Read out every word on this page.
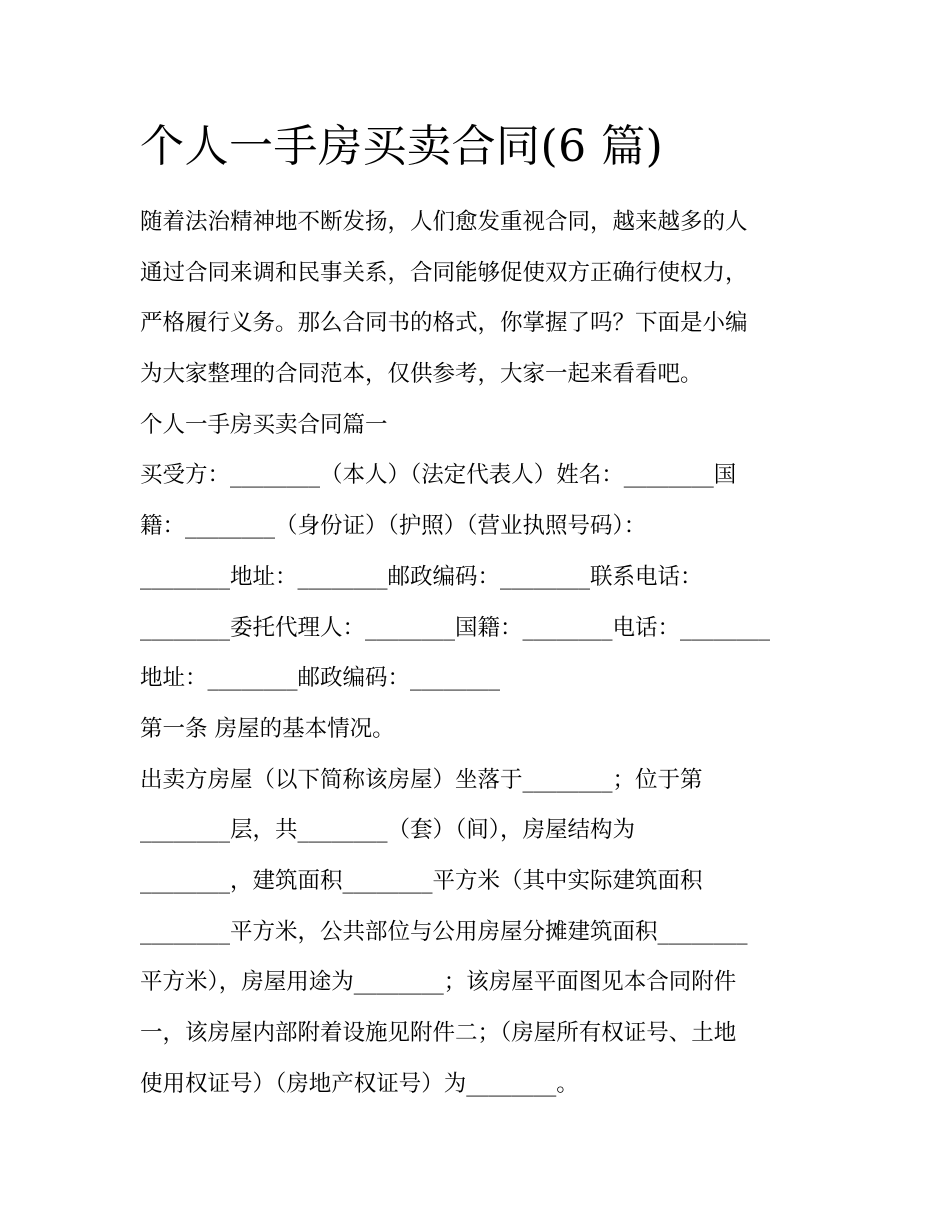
个人一手房买卖合同(6 篇)
随着法治精神地不断发扬，人们愈发重视合同，越来越多的人
通过合同来调和民事关系，合同能够促使双方正确行使权力，
严格履行义务。那么合同书的格式，你掌握了吗？下面是小编
为大家整理的合同范本，仅供参考，大家一起来看看吧。
个人一手房买卖合同篇一
买受方：________（本人）（法定代表人）姓名：________国
籍：________（身份证）（护照）（营业执照号码）：
________地址：________邮政编码：________联系电话：
________委托代理人：________国籍：________电话：________
地址：________邮政编码：________
第一条 房屋的基本情况。
出卖方房屋（以下简称该房屋）坐落于________；位于第
________层，共________（套）（间），房屋结构为
________，建筑面积________平方米（其中实际建筑面积
________平方米，公共部位与公用房屋分摊建筑面积________
平方米），房屋用途为________；该房屋平面图见本合同附件
一，该房屋内部附着设施见附件二；（房屋所有权证号、土地
使用权证号）（房地产权证号）为________。
